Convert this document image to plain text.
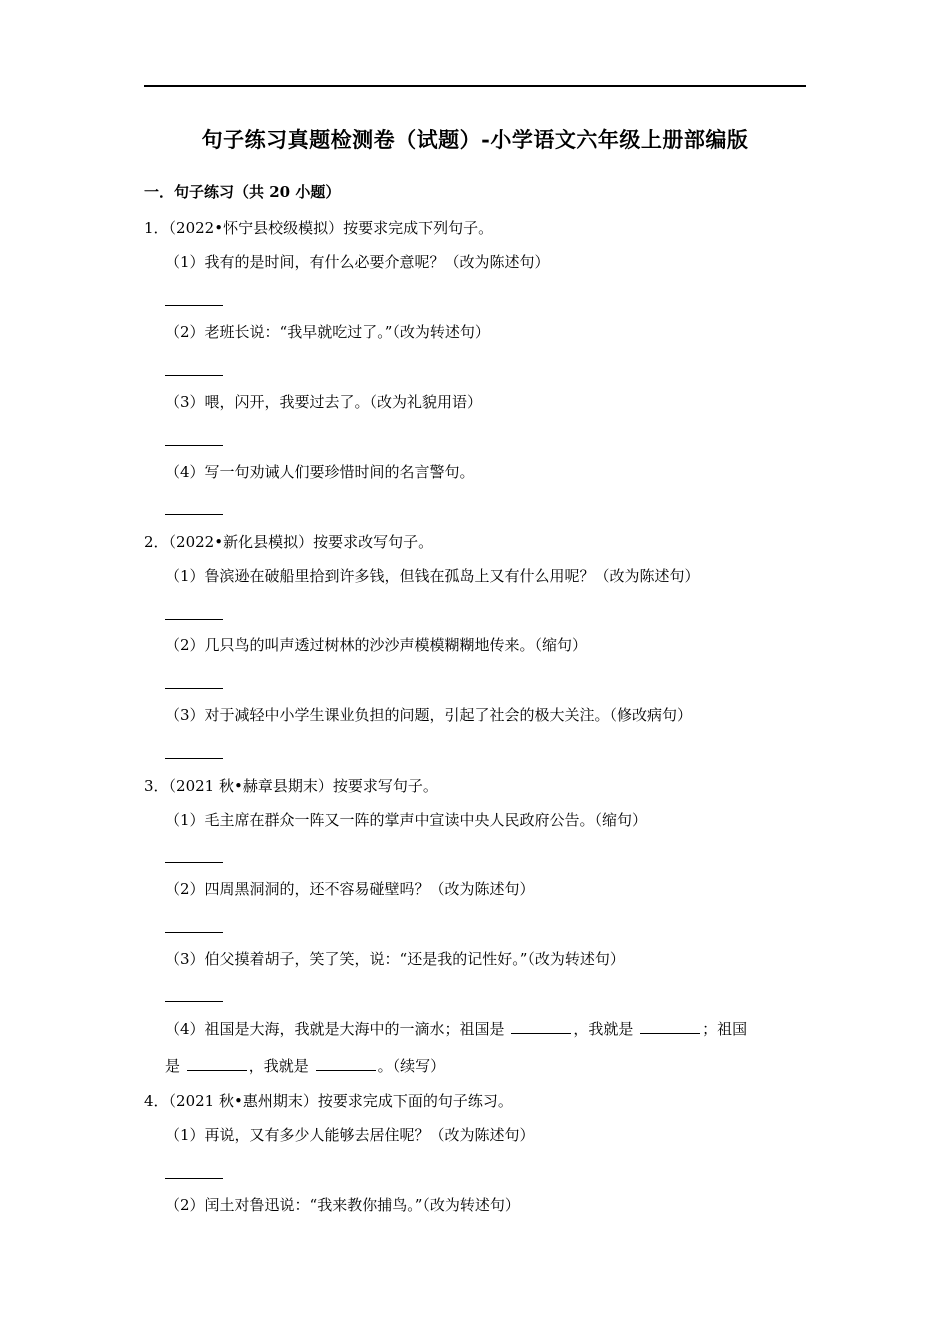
句子练习真题检测卷（试题）-小学语文六年级上册部编版
一．句子练习（共 20 小题）
1．（2022•怀宁县校级模拟）按要求完成下列句子。
（1）我有的是时间，有什么必要介意呢？（改为陈述句）
（2）老班长说：“我早就吃过了。”（改为转述句）
（3）喂，闪开，我要过去了。（改为礼貌用语）
（4）写一句劝诫人们要珍惜时间的名言警句。
2．（2022•新化县模拟）按要求改写句子。
（1）鲁滨逊在破船里拾到许多钱，但钱在孤岛上又有什么用呢？（改为陈述句）
（2）几只鸟的叫声透过树林的沙沙声模模糊糊地传来。（缩句）
（3）对于减轻中小学生课业负担的问题，引起了社会的极大关注。（修改病句）
3．（2021 秋•赫章县期末）按要求写句子。
（1）毛主席在群众一阵又一阵的掌声中宣读中央人民政府公告。（缩句）
（2）四周黑洞洞的，还不容易碰壁吗？（改为陈述句）
（3）伯父摸着胡子，笑了笑，说：“还是我的记性好。”（改为转述句）
（4）祖国是大海，我就是大海中的一滴水；祖国是	，我就是	；祖国
是	，我就是	。（续写）
4．（2021 秋•惠州期末）按要求完成下面的句子练习。
（1）再说，又有多少人能够去居住呢？（改为陈述句）
（2）闰土对鲁迅说：“我来教你捕鸟。”（改为转述句）
